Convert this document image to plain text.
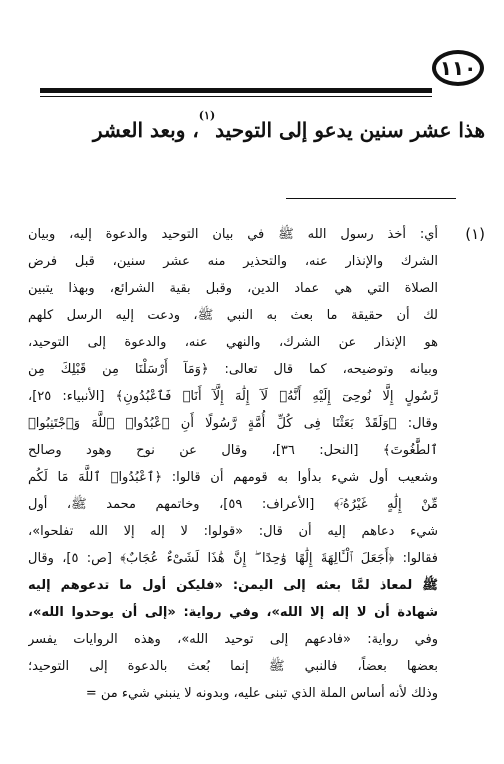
١١٠
هذا عشر سنين يدعو إلى التوحيد$^{(١)}$، وبعد العشر
(١)
أي: أخذ رسول الله ﷺ في بيان التوحيد والدعوة إليه، وبيان
الشرك والإنذار عنه، والتحذير منه عشر سنين، قبل فرض
الصلاة التي هي عماد الدين، وقبل بقية الشرائع، وبهذا يتبين
لك أن حقيقة ما بعث به النبي ﷺ، ودعت إليه الرسل كلهم
هو الإنذار عن الشرك، والنهي عنه، والدعوة إلى التوحيد،
وبيانه وتوضيحه، كما قال تعالى: ﴿وَمَآ أَرْسَلْنَا مِن قَبْلِكَ مِن
رَّسُولٍ إِلَّا نُوحِىٓ إِلَيْهِ أَنَّهُۥ لَآ إِلَٰهَ إِلَّآ أَنَا۠ فَٱعْبُدُونِ﴾ [الأنبياء: ٢٥]،
وقال: ﴿وَلَقَدْ بَعَثْنَا فِى كُلِّ أُمَّةٍ رَّسُولًا أَنِ ٱعْبُدُوا۟ ٱللَّهَ وَٱجْتَنِبُوا۟
ٱلطَّٰغُوتَ﴾ [النحل: ٣٦]، وقال عن نوح وهود وصالح
وشعيب أول شيء بدأوا به قومهم أن قالوا: ﴿ٱعْبُدُوا۟ ٱللَّهَ مَا لَكُم
مِّنْ إِلَٰهٍ غَيْرُهُۥٓ﴾ [الأعراف: ٥٩]، وخاتمهم محمد ﷺ، أول
شيء دعاهم إليه أن قال: «قولوا: لا إله إلا الله تفلحوا»،
فقالوا: ﴿أَجَعَلَ ٱلْـَٔالِهَةَ إِلَٰهًا وَٰحِدًا ۖ إِنَّ هَٰذَا لَشَىْءٌ عُجَابٌ﴾ [ص: ٥]، وقال
ﷺ لمعاذ لمَّا بعثه إلى اليمن: «فليكن أول ما تدعوهم إليه
شهادة أن لا إله إلا الله»، وفي رواية: «إلى أن يوحدوا الله»،
وفي رواية: «فادعهم إلى توحيد الله»، وهذه الروايات يفسر
بعضها بعضاً، فالنبي ﷺ إنما بُعث بالدعوة إلى التوحيد؛
وذلك لأنه أساس الملة الذي تبنى عليه، وبدونه لا ينبني شيء من =
